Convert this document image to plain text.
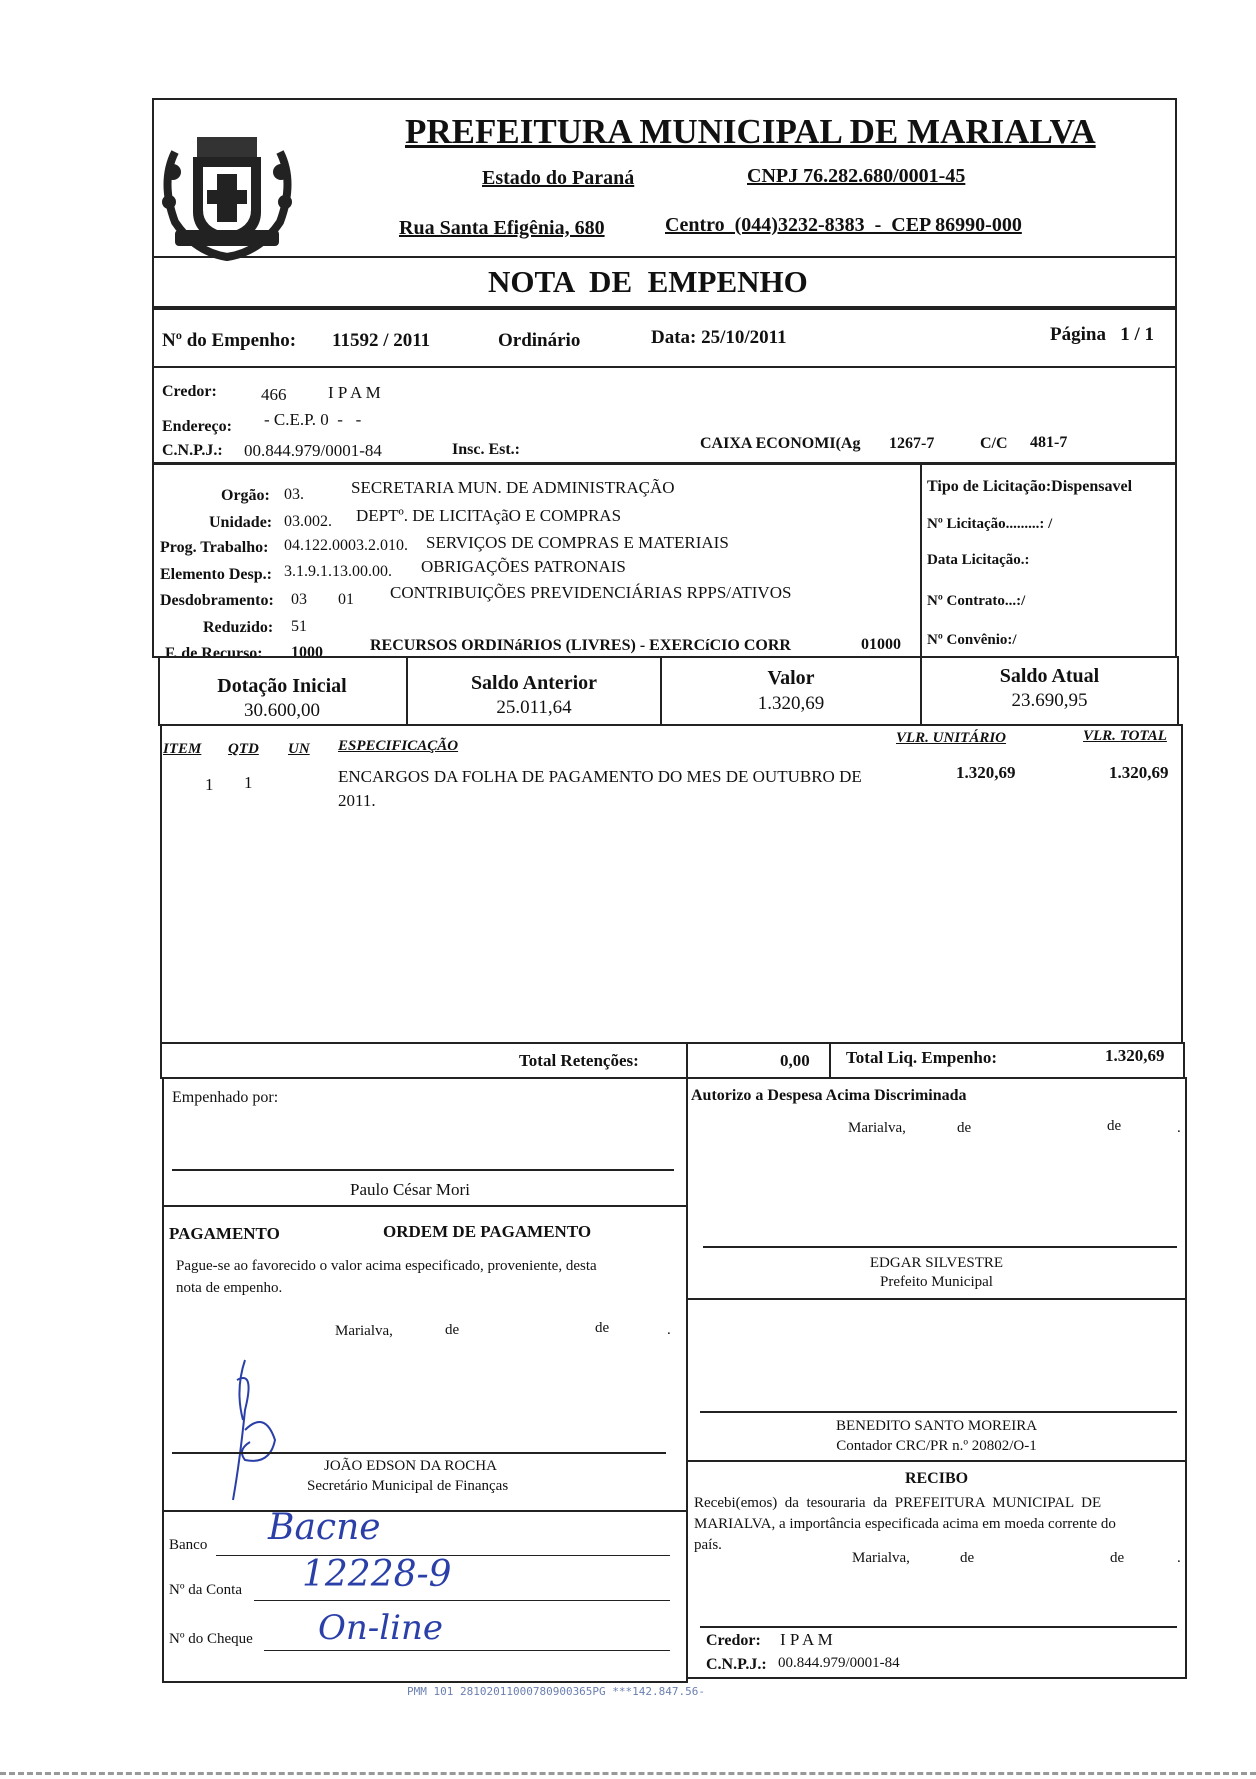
PREFEITURA MUNICIPAL DE MARIALVA
Estado do Paraná	CNPJ 76.282.680/0001-45
Rua Santa Efigênia, 680	Centro  (044)3232-8383  -  CEP 86990-000
NOTA  DE  EMPENHO
Nº do Empenho: 11592 / 2011	Ordinário	Data: 25/10/2011	Página   1 / 1
Credor:	466 I P A M
Endereço: - C.E.P. 0  -   -
C.N.P.J.: 00.844.979/0001-84	Insc. Est.:	CAIXA ECONOMI(Ag 1267-7	C/C 481-7
Orgão: 03.	SECRETARIA MUN. DE ADMINISTRAÇÃO
Unidade: 03.002. DEPTº. DE LICITAçãO E COMPRAS
Prog. Trabalho: 04.122.0003.2.010. SERVIÇOS DE COMPRAS E MATERIAIS
Elemento Desp.: 3.1.9.1.13.00.00. OBRIGAÇÕES PATRONAIS
Desdobramento: 03 01 CONTRIBUIÇÕES PREVIDENCIÁRIAS RPPS/ATIVOS
Reduzido: 51
F. de Recurso: 1000	RECURSOS ORDINáRIOS (LIVRES) - EXERCíCIO CORR	01000
Tipo de Licitação:Dispensavel
Nº Licitação.........: /
Data Licitação.:
Nº Contrato...:/
Nº Convênio:/
Dotação Inicial
30.600,00
Saldo Anterior
25.011,64
Valor
1.320,69
Saldo Atual
23.690,95
ITEM QTD UN ESPECIFICAÇÃO	VLR. UNITÁRIO	VLR. TOTAL
1 1	ENCARGOS DA FOLHA DE PAGAMENTO DO MES DE OUTUBRO DE
2011.
1.320,69	1.320,69
Total Retenções:	0,00 Total Liq. Empenho:	1.320,69
Empenhado por:
Paulo César Mori
PAGAMENTO	ORDEM DE PAGAMENTO
Pague-se ao favorecido o valor acima especificado, proveniente, desta
nota de empenho.
Marialva,	de	de	.
JOÃO EDSON DA ROCHA
Secretário Municipal de Finanças
Banco Bacne
Nº da Conta 12228-9
Nº do Cheque On-line
Autorizo a Despesa Acima Discriminada
Marialva,	de	de	.
EDGAR SILVESTRE
Prefeito Municipal
BENEDITO SANTO MOREIRA
Contador CRC/PR n.º 20802/O-1
RECIBO
Recebi(emos)  da  tesouraria  da  PREFEITURA  MUNICIPAL  DE
MARIALVA, a importância especificada acima em moeda corrente do
país.
Marialva,	de	de	.
Credor: I P A M
C.N.P.J.: 00.844.979/0001-84
PMM 101 28102011000780900365PG ***142.847.56-
